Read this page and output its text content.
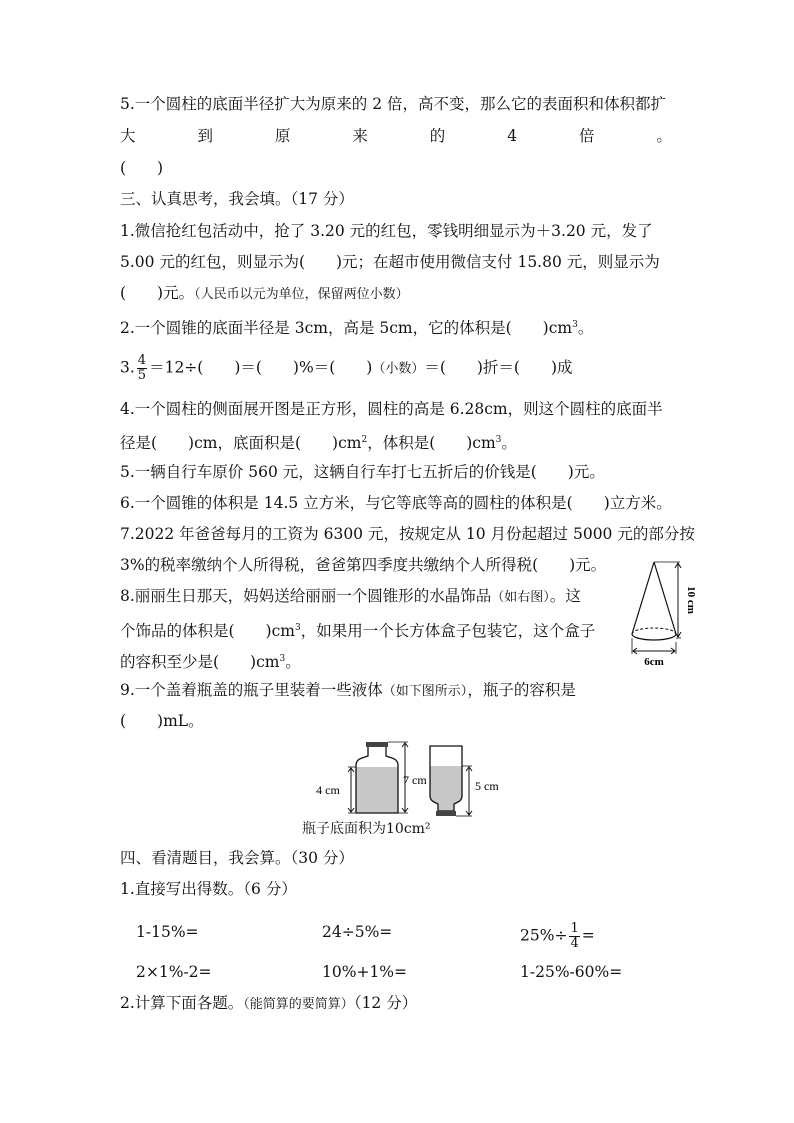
5.一个圆柱的底面半径扩大为原来的 2 倍，高不变，那么它的表面积和体积都扩
大	到	原	来	的	4	倍	。
(　　)
三、认真思考，我会填。（17 分）
1.微信抢红包活动中，抢了 3.20 元的红包，零钱明细显示为＋3.20 元，发了
5.00 元的红包，则显示为(　　)元；在超市使用微信支付 15.80 元，则显示为
(　　)元。（人民币以元为单位，保留两位小数）
2.一个圆锥的底面半径是 3cm，高是 5cm，它的体积是(　　)$cm^3$。
3. $\frac{4}{5} =12\div$(　　)＝(　　)%＝(　　)（小数）＝(　　)折＝(　　)成
4.一个圆柱的侧面展开图是正方形，圆柱的高是 6.28cm，则这个圆柱的底面半
径是(　　)cm，底面积是(　　)$cm^2$，体积是(　　)$cm^3$。
5.一辆自行车原价 560 元，这辆自行车打七五折后的价钱是(　　)元。
6.一个圆锥的体积是 14.5 立方米，与它等底等高的圆柱的体积是(　　)立方米。
7.2022 年爸爸每月的工资为 6300 元，按规定从 10 月份起超过 5000 元的部分按
3%的税率缴纳个人所得税，爸爸第四季度共缴纳个人所得税(　　)元。
8.丽丽生日那天，妈妈送给丽丽一个圆锥形的水晶饰品（如右图）。这
个饰品的体积是(　　)$cm^3$，如果用一个长方体盒子包装它，这个盒子
的容积至少是(　　)$cm^3$。
10 cm
6cm
9.一个盖着瓶盖的瓶子里装着一些液体（如下图所示），瓶子的容积是
(　　)mL。
4 cm
7 cm	5 cm
瓶子底面积为10cm²
四、看清题目，我会算。（30 分）
1.直接写出得数。（6 分）
1-15%=	24÷5%=	$25\%\div \frac{1}{4}$ =
2×1%-2=	10%+1%=	1-25%-60%=
2.计算下面各题。（能简算的要简算）（12 分）
